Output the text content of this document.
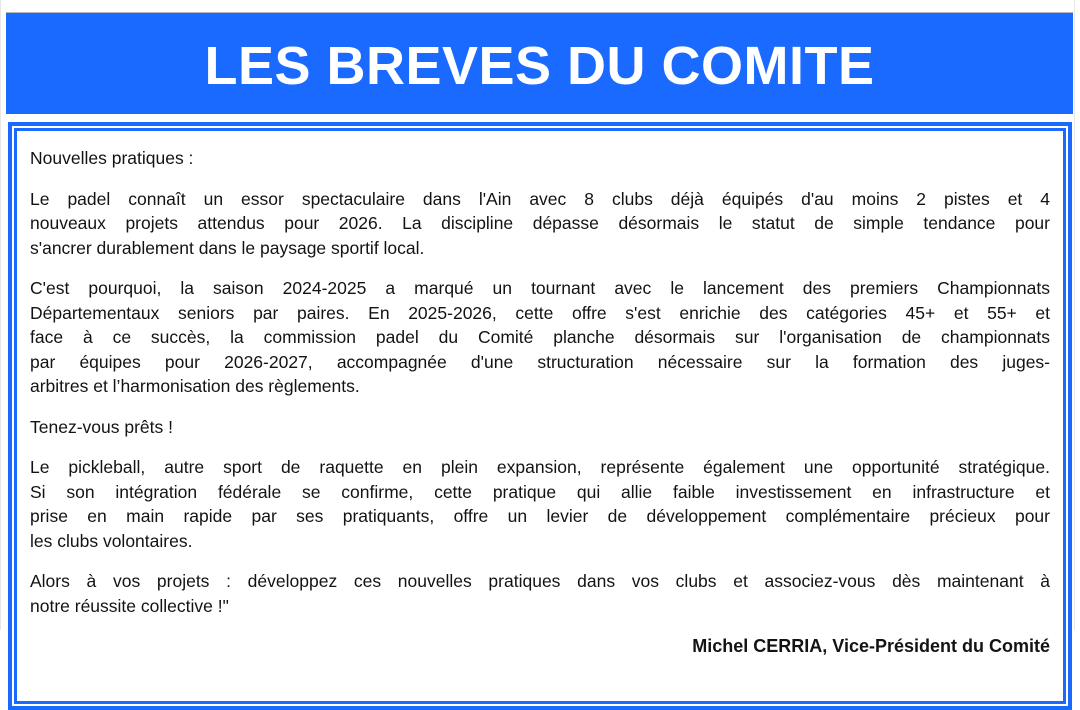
LES BREVES DU COMITE
Nouvelles pratiques :
Le padel connaît un essor spectaculaire dans l'Ain avec 8 clubs déjà équipés d'au moins 2 pistes et 4
nouveaux projets attendus pour 2026. La discipline dépasse désormais le statut de simple tendance pour
s'ancrer durablement dans le paysage sportif local.
C'est pourquoi, la saison 2024-2025 a marqué un tournant avec le lancement des premiers Championnats
Départementaux seniors par paires. En 2025-2026, cette offre s'est enrichie des catégories 45+ et 55+ et
face à ce succès, la commission padel du Comité planche désormais sur l'organisation de championnats
par équipes pour 2026-2027, accompagnée d'une structuration nécessaire sur la formation des juges-
arbitres et l’harmonisation des règlements.
Tenez-vous prêts !
Le pickleball, autre sport de raquette en plein expansion, représente également une opportunité stratégique.
Si son intégration fédérale se confirme, cette pratique qui allie faible investissement en infrastructure et
prise en main rapide par ses pratiquants, offre un levier de développement complémentaire précieux pour
les clubs volontaires.
Alors à vos projets : développez ces nouvelles pratiques dans vos clubs et associez-vous dès maintenant à
notre réussite collective !"
Michel CERRIA, Vice-Président du Comité
